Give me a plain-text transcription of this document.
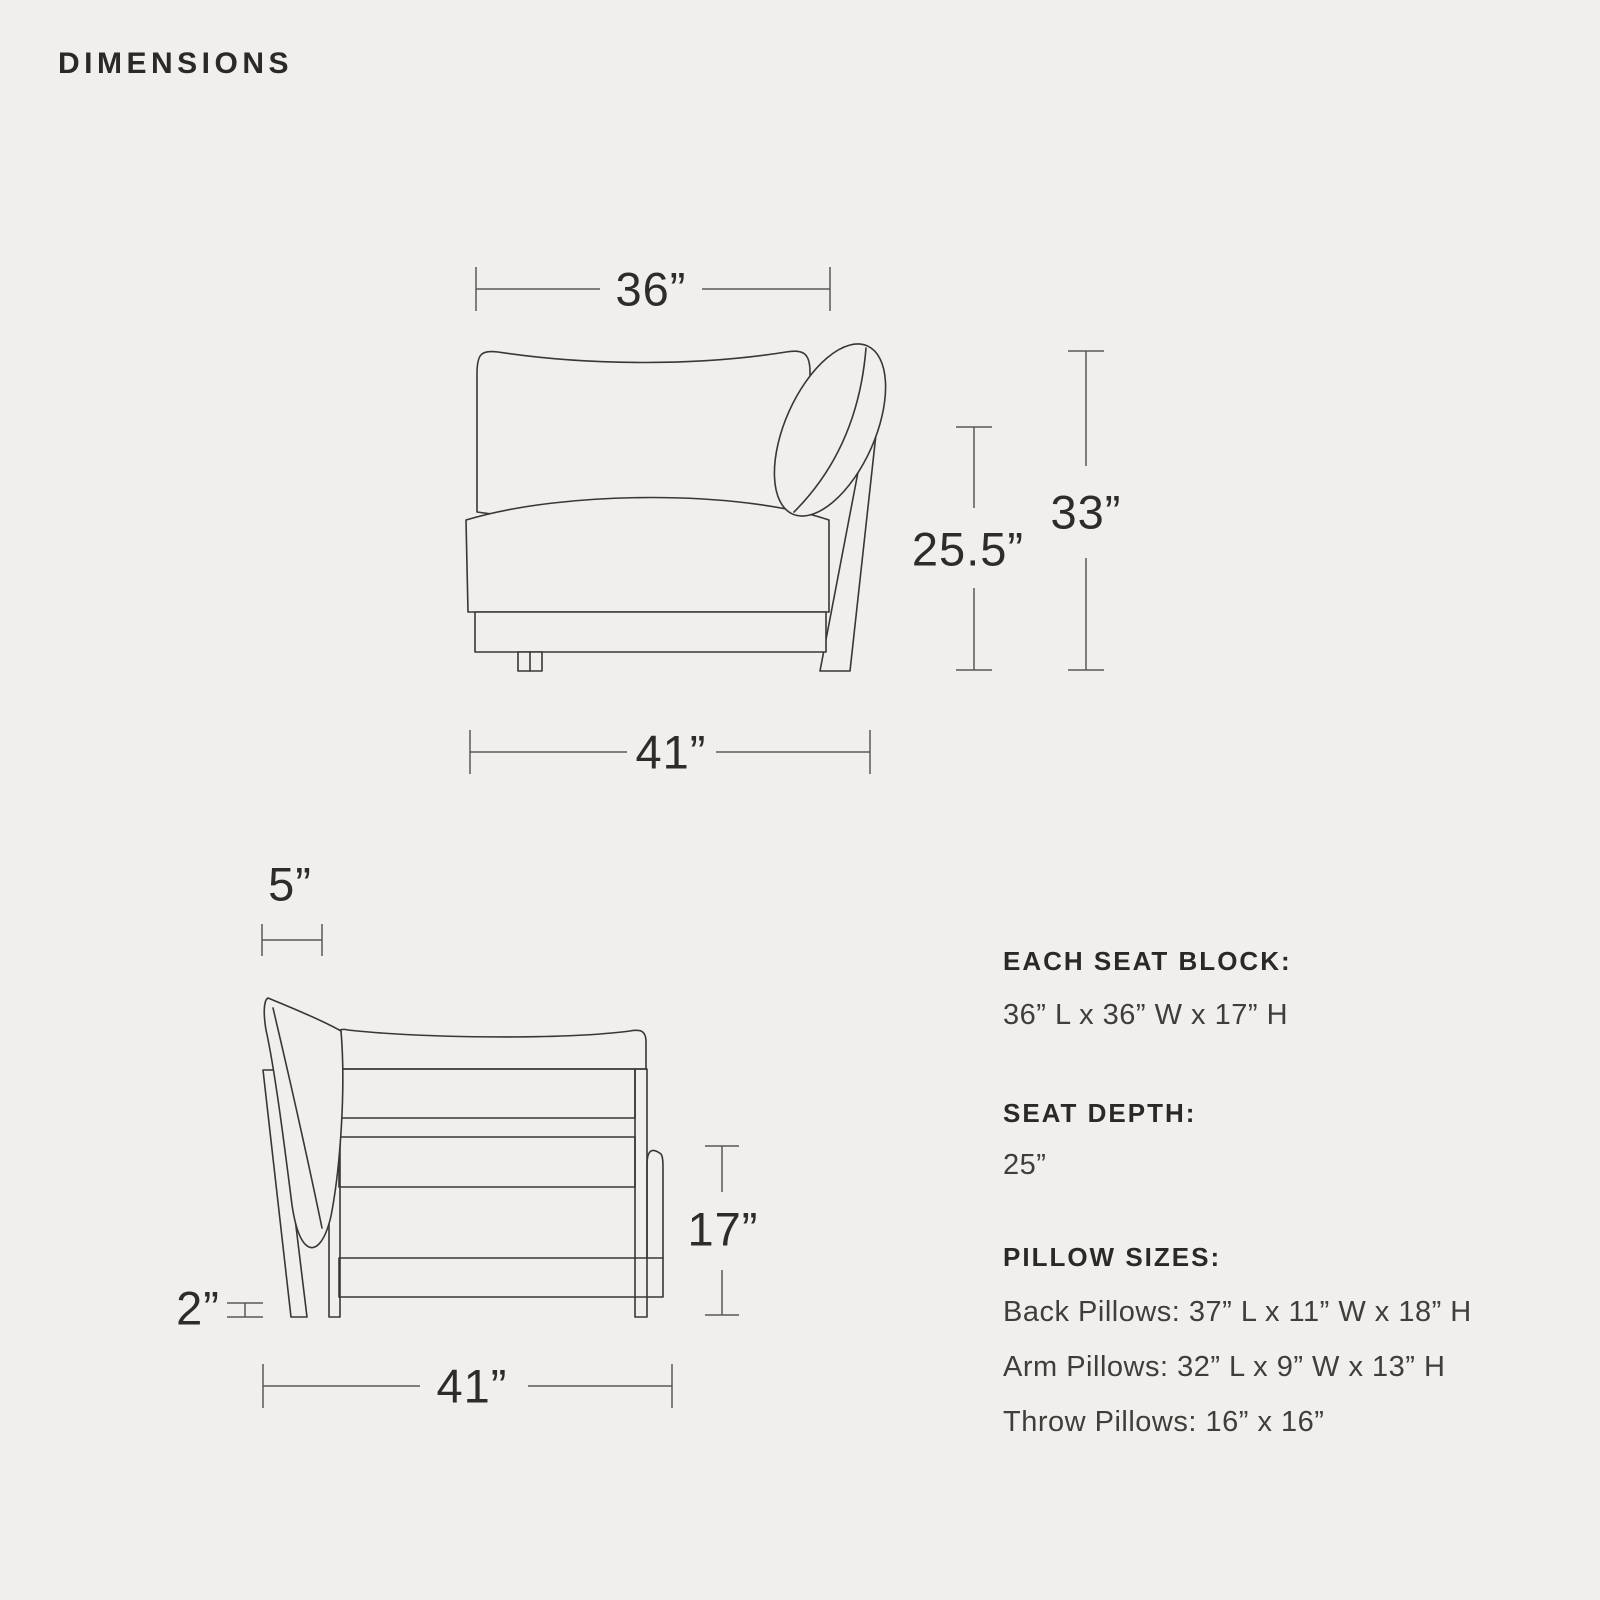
DIMENSIONS
36”
25.5”
33”
41”
5”
2”
17”
41”
EACH SEAT BLOCK:
36” L x 36” W x 17” H
SEAT DEPTH:
25”
PILLOW SIZES:
Back Pillows: 37” L x 11” W x 18” H
Arm Pillows: 32” L x 9” W x 13” H
Throw Pillows: 16” x 16”
